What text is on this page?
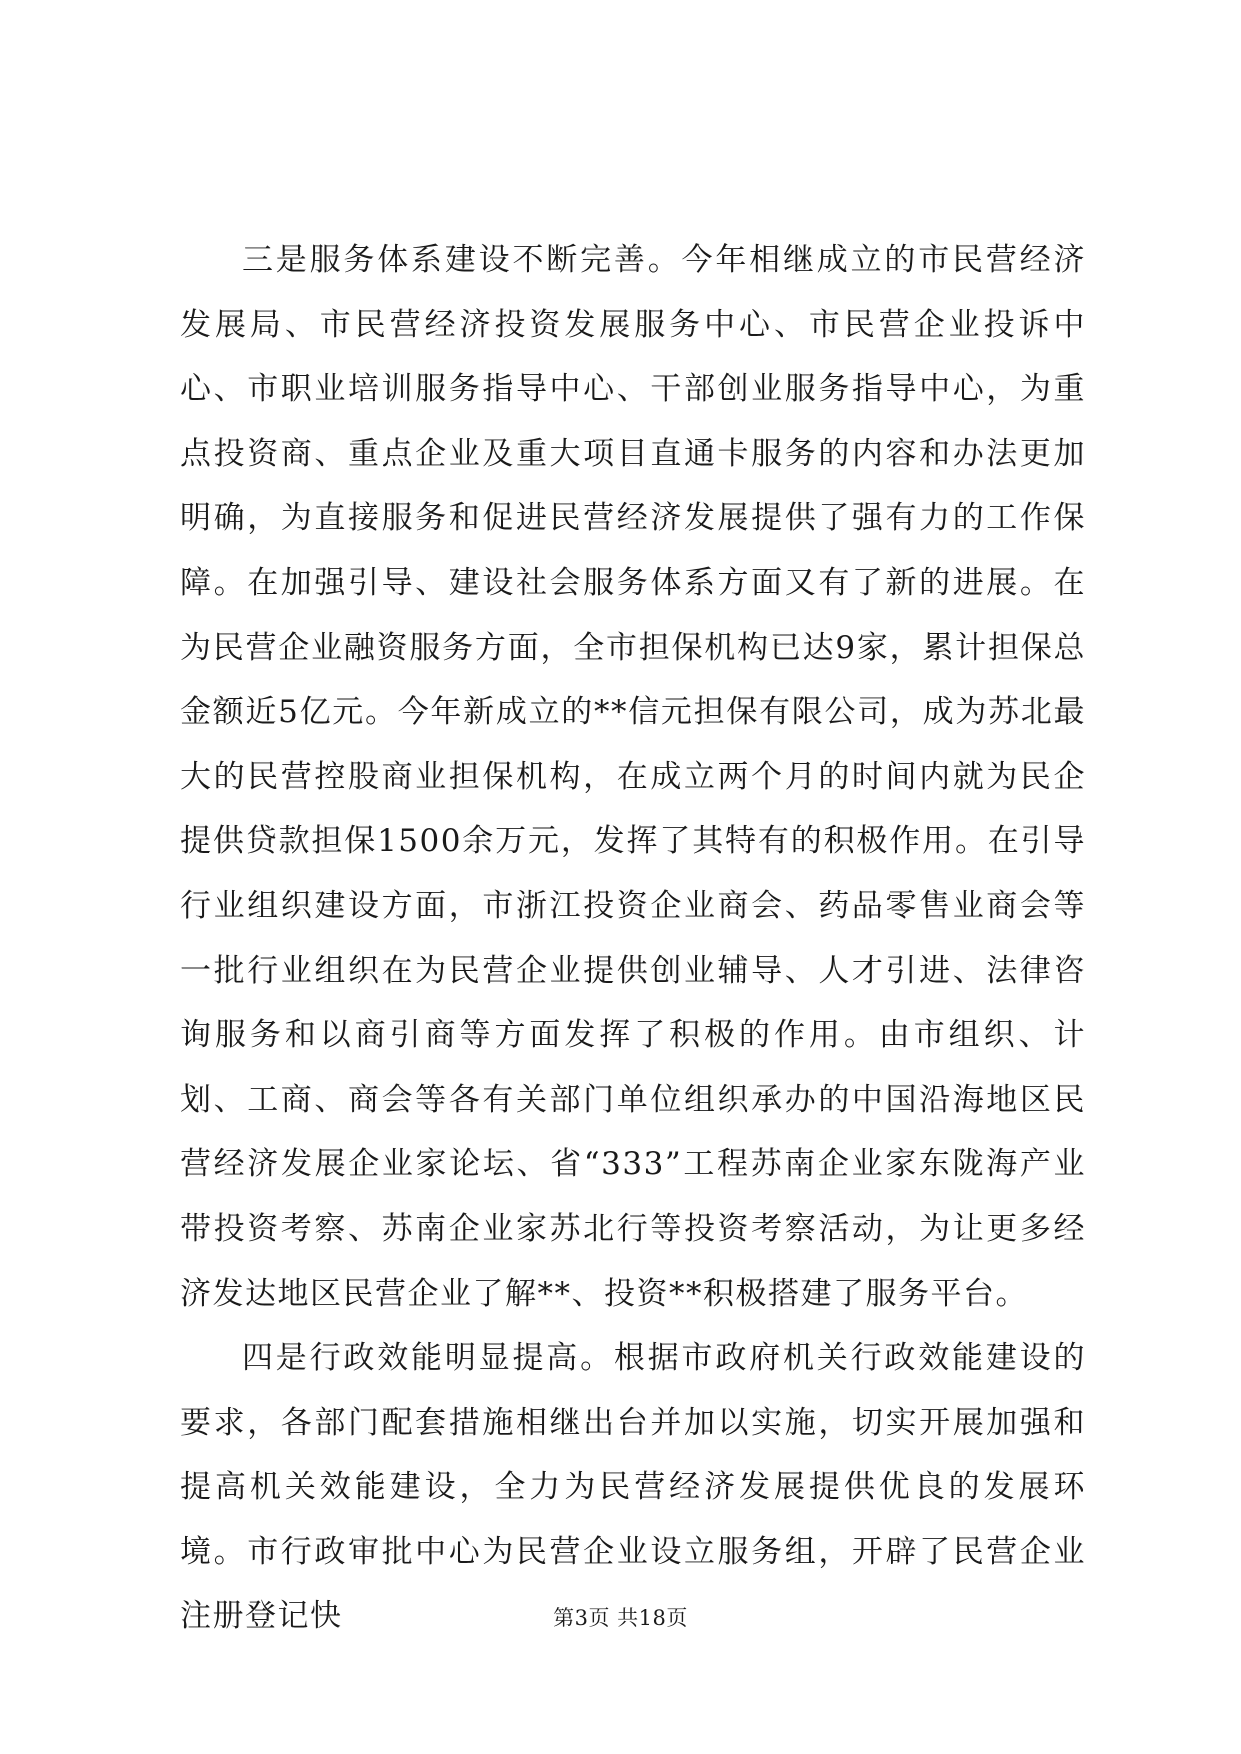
三是服务体系建设不断完善。今年相继成立的市民营经济发展局、市民营经济投资发展服务中心、市民营企业投诉中心、市职业培训服务指导中心、干部创业服务指导中心，为重点投资商、重点企业及重大项目直通卡服务的内容和办法更加明确，为直接服务和促进民营经济发展提供了强有力的工作保障。在加强引导、建设社会服务体系方面又有了新的进展。在为民营企业融资服务方面，全市担保机构已达9家，累计担保总金额近5亿元。今年新成立的**信元担保有限公司，成为苏北最大的民营控股商业担保机构，在成立两个月的时间内就为民企提供贷款担保1500余万元，发挥了其特有的积极作用。在引导行业组织建设方面，市浙江投资企业商会、药品零售业商会等一批行业组织在为民营企业提供创业辅导、人才引进、法律咨询服务和以商引商等方面发挥了积极的作用。由市组织、计划、工商、商会等各有关部门单位组织承办的中国沿海地区民营经济发展企业家论坛、省“333”工程苏南企业家东陇海产业带投资考察、苏南企业家苏北行等投资考察活动，为让更多经济发达地区民营企业了解**、投资**积极搭建了服务平台。

四是行政效能明显提高。根据市政府机关行政效能建设的要求，各部门配套措施相继出台并加以实施，切实开展加强和提高机关效能建设，全力为民营经济发展提供优良的发展环境。市行政审批中心为民营企业设立服务组，开辟了民营企业注册登记快	第3页 共18页
